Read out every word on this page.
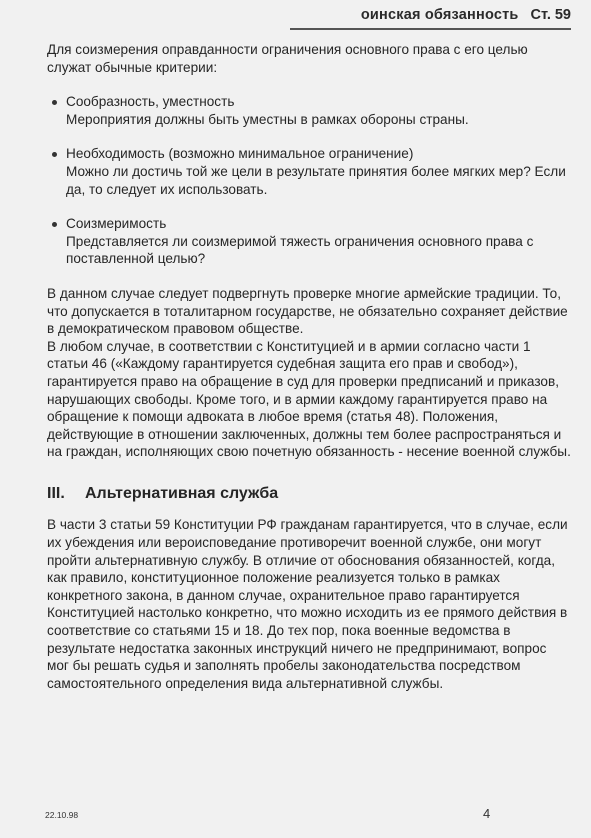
оинская обязанность Ст. 59

Для соизмерения оправданности ограничения основного права с его целью служат обычные критерии:

Сообразность, уместность

Мероприятия должны быть уместны в рамках обороны страны.

Необходимость (возможно минимальное ограничение)

Можно ли достичь той же цели в результате принятия более мягких мер? Если да, то следует их использовать.

Соизмеримость

Представляется ли соизмеримой тяжесть ограничения основного права с поставленной целью?

В данном случае следует подвергнуть проверке многие армейские традиции. То, что допускается в тоталитарном государстве, не обязательно сохраняет действие в демократическом правовом обществе.

В любом случае, в соответствии с Конституцией и в армии согласно части 1 статьи 46 («Каждому гарантируется судебная защита его прав и свобод»), гарантируется право на обращение в суд для проверки предписаний и приказов, нарушающих свободы. Кроме того, и в армии каждому гарантируется право на обращение к помощи адвоката в любое время (статья 48). Положения, действующие в отношении заключенных, должны тем более распространяться и на граждан, исполняющих свою почетную обязанность - несение военной службы.

III.	Альтернативная служба

В части 3 статьи 59 Конституции РФ гражданам гарантируется, что в случае, если их убеждения или вероисповедание противоречит военной службе, они могут пройти альтернативную службу. В отличие от обоснования обязанностей, когда, как правило, конституционное положение реализуется только в рамках конкретного закона, в данном случае, охранительное право гарантируется Конституцией настолько конкретно, что можно исходить из ее прямого действия в соответствие со статьями 15 и 18. До тех пор, пока военные ведомства в результате недостатка законных инструкций ничего не предпринимают, вопрос мог бы решать судья и заполнять пробелы законодательства посредством самостоятельного определения вида альтернативной службы.

22.10.98	4
